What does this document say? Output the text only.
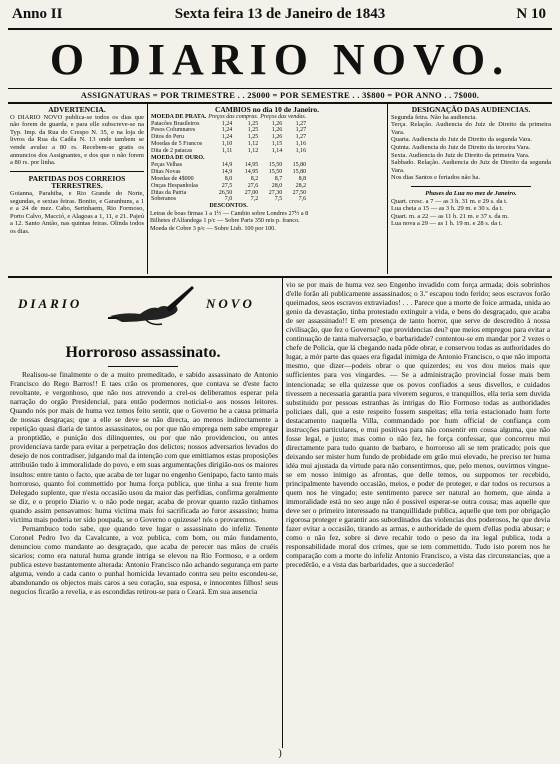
Anno II	Sexta feira 13 de Janeiro de 1843	N 10
O DIARIO NOVO.
ASSIGNATURAS = POR TRIMESTRE . . 2$000 = POR SEMESTRE . . 3$800 = POR ANNO . . 7$000.
ADVERTENCIA.
O DIARIO NOVO publica-se todos os dias que não forem de guarda, e para elle subscreve-se na Typ. Imp. da Rua do Crespo N. 35, e na loja de livros da Rua da Cadêa N. 13 onde tambem se vende avulso a 80 rs. Recebem-se gratis os annuncios dos Assignantes, e dos que o não forem a 80 rs. por linha.
PARTIDAS DOS CORREIOS TERRESTRES.
Goianna, Parahiba, e Rio Grande do Norte, segundas, e sextas feiras. Bonito, e Garanhuns, a 1 e a 24 de mez. Cabo, Serinhaem, Rio Formoso, Porto Calvo, Macció, e Alagoas a 1, 11, e 21. Pajeú a 12. Santo Antão, nas quintas feiras. Olinda todos os dias.
CAMBIOS no dia 10 de Janeiro.
MOEDA DE PRATA.	Preços das compras.		Preços das vendas.	
Patacões Brasileiros	1,24	1,25	1,26	1,27
Pesos Columnares	1,24	1,25	1,26	1,27
Ditos do Peru	1,24	1,25	1,26	1,27
Moedas de 5 Francos	1,10	1,12	1,15	1,16
Dita de 2 patacas	1,11	1,12	1,14	1,16
MOEDA DE OURO.				
Peças Velhas	14,9	14,95	15,50	15,80
Ditas Novas	14,9	14,95	15,50	15,80
Moedas de 4$000	8,0	8,2	8,7	8,8
Onças Hespanholas	27,5	27,6	28,0	28,2
Ditas da Patria	26,50	27,00	27,30	27,50
Soberanos	7,0	7,2	7,5	7,6
DESCONTOS.				
Letras de boas firmas 1 a 1½ — Cambio sobre Londres 27½ a 8
Bilhetes d'Alfandega 1 p/c — Sobre Paris 350 reis p. franco.
Moeda de Cobre 3 p/c — Sobre Lisb. 100 por 100.
DESIGNAÇÃO DAS AUDIENCIAS.
Segunda feira. Não ha audiencia.
Terça. Relação. Audiencia do Juiz de Direito da primeira Vara.
Quarta. Audiencia do Juiz de Direito da segunda Vara.
Quinta. Audiencia do Juiz de Direito da terceira Vara.
Sexta. Audiencia do Juiz de Direito da primeira Vara.
Sabbado. Relação. Audiencia do Juiz de Direito da segunda Vara.
Nos dias Santos e feriados não ha.
Phases da Lua no mez de Janeiro.
Quart. cresc. a 7 — as 3 h. 31 m. e 29 s. da t.
Lua cheia a 15 — as 3 h. 29 m. e 30 s. da t.
Quart. m. a 22 — as 11 h. 21 m. e 37 s. da m.
Lua nova a 29 — as 1 h. 19 m. e 28 s. da t.
DIARIO	NOVO
Horroroso assassinato.

Realisou-se finalmente o de a muito premeditado, e sabido assassinato de Antonio Francisco do Rego Barros!! E taes crão os promenores, que contava se d'este facto revoltante, e vergonhoso, que não nos atrevendo a crel-os deliberamos esperar pela narração do orgão Presidencial, para então podermos noticial-o aos nossos leitores. Quando nós por mais de huma vez temos feito sentir, que o Governo he a causa primaria de nossas desgraças; que a elle se deve se não directa, ao menos indirectamente a repetição quasi diaria de tantos assassinatos, ou por que não emprega nem sabe empregar a pronptidão, e punição dos dilinquentes, ou por que não providenciou, ou antes providenciava tarde para evitar a perpetração dos delictos; nossos adversarios levados do desejo de nos contradiser, julgando mal da intenção com que emittiamos estas proposições attribuião tudo à immoralidade do povo, e em suas argumentações dirigião-nos os maiores insultos: entre tanto o facto, que acaba de ter lugar no engenho Genipapo, facto tanto mais horroroso, quanto foi commettido por huma força publica, que tinha a sua frente hum Delegado suplente, que n'esta occasião usou da maior das perfidias, confirma geralmente se diz, e o proprio Diario v. o não pode negar, acaba de provar quanto razão tinhamos quando assim pensavamos: huma victima mais foi sacrificada ao furor assassino; huma victima mais poderia ter sido poupada, se o Governo o quizesse! nós o provaremos.

Pernambuco todo sabe, que quando teve lugar o assassinato do infeliz Tenente Coronel Pedro Ivo da Cavalcante, a voz publica, com bom, ou máo fundamento, denunciou como mandante ao desgraçado, que acaba de perecer nas mãos de cruéis sicarios; como era natural huma grande intriga se elevou na Rio Formoso, e a ordem publica esteve bastantemente alterada: Antonio Francisco não achando segurança em parte alguma, vendo a cada canto o punhal homicida levantado contra seu peito escondeu-se, abandonando os objectos mais caros a seu coração, sua esposa, e innocentes filhos! seus negocios ficarão a revelia, e as escondidas retirou-se para o Ceará. Em sua ausencia

vio se por mais de huma vez seo Engenho invadido com força armada; dois sobrinhos d'elle forão ali publicamente assassinados; o 3.º escapou todo ferido; seos escravos forão queimados, seos escravos extraviados! . . . Parece que a morte de foice armada, unida ao genio da devastação, tinha protestado extinguir a vida, e bens do desgraçado, que acaba de ser assassinado!! E em presença de tanto horror, que serve de descredito à nossa civilisação, que fez o Governo? que providencias deu? que meios empregou para evitar a continuação de tanta malversação, e barbaridade? contentou-se em mandar por 2 vezes o chefe de Policia, que lá chegando nada pôde obrar, e conservou todas as authoridades do lugar, a mór parte das quaes era figadal inimiga de Antonio Francisco, o que não importa mesmo, que dizer—podeis obrar o que quizerdes; eu vos dou meios mais que sufficientes para vos vingardes. — Se a administração provincial fosse mais bem intencionada; se ella quizesse que os povos confiados a seus disvellos, e cuidados tivessem a necessaria garantia para viverem seguros, e tranquillos, ella teria sem duvida substituido por pessoas estranhas às intrigas do Rio Formoso todas as authoridades policiaes dali, que a este respeito fossem suspeitas; ella teria estacionado hum forte destacamento naquella Villa, commandado por hum official de confiança com instrucções particulares, e mui positivas para não consentir em cousa alguma, que não fosse legal, e justo; mas como o não fez, he força confessar, que concorreu mui directamente para tudo quanto de barbaro, e horroroso ali se tem praticado; pois que deixando ser mister hum fundo de probidade em grão mui elevado, he preciso ter huma idéa mui ajustada da virtude para não consentirmos, que, pelo menos, ouvirmos vingue-se em nosso inimigo as afrontas, que delle temos, ou suppomos ter recebido, principalmente havendo occasião, meios, e poder de proteger, e dar todos os recursos a quem nos he vingado; este sentimento parece ser natural ao homem, que ainda a immoralidade está no seo auge não é possivel esperar-se outra cousa; mas aquelle que deve ser o primeiro interessado na tranquillidade publica, aquelle que tem por obrigação rigorosa proteger e garantir aos subordinados das violencias dos poderosos, he que devia fazer evitar a occasião, tirando as armas, e authoridade de quem d'ellas podia abusar; e como o não fez, sobre si deve recahir todo o peso da ira legal publica, toda a responsabilidade moral dos crimes, que se tem commettido. Tudo isto porem nos he comparação com a morte do infeliz Antonio Francisco, a vista das circunstancias, que a precedêrão, e a vista das barbaridades, que a succederão!

)
